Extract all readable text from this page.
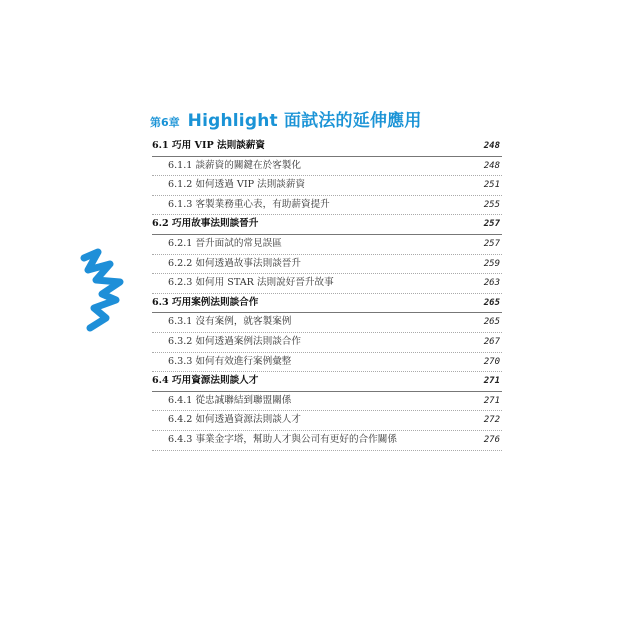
第6章 Highlight 面試法的延伸應用
6.1 巧用 VIP 法則談薪資	248
6.1.1 談薪資的關鍵在於客製化	248
6.1.2 如何透過 VIP 法則談薪資	251
6.1.3 客製業務重心表，有助薪資提升	255
6.2 巧用故事法則談晉升	257
6.2.1 晉升面試的常見誤區	257
6.2.2 如何透過故事法則談晉升	259
6.2.3 如何用 STAR 法則說好晉升故事	263
6.3 巧用案例法則談合作	265
6.3.1 沒有案例，就客製案例	265
6.3.2 如何透過案例法則談合作	267
6.3.3 如何有效進行案例彙整	270
6.4 巧用資源法則談人才	271
6.4.1 從忠誠聯結到聯盟關係	271
6.4.2 如何透過資源法則談人才	272
6.4.3 事業金字塔，幫助人才與公司有更好的合作關係	276
